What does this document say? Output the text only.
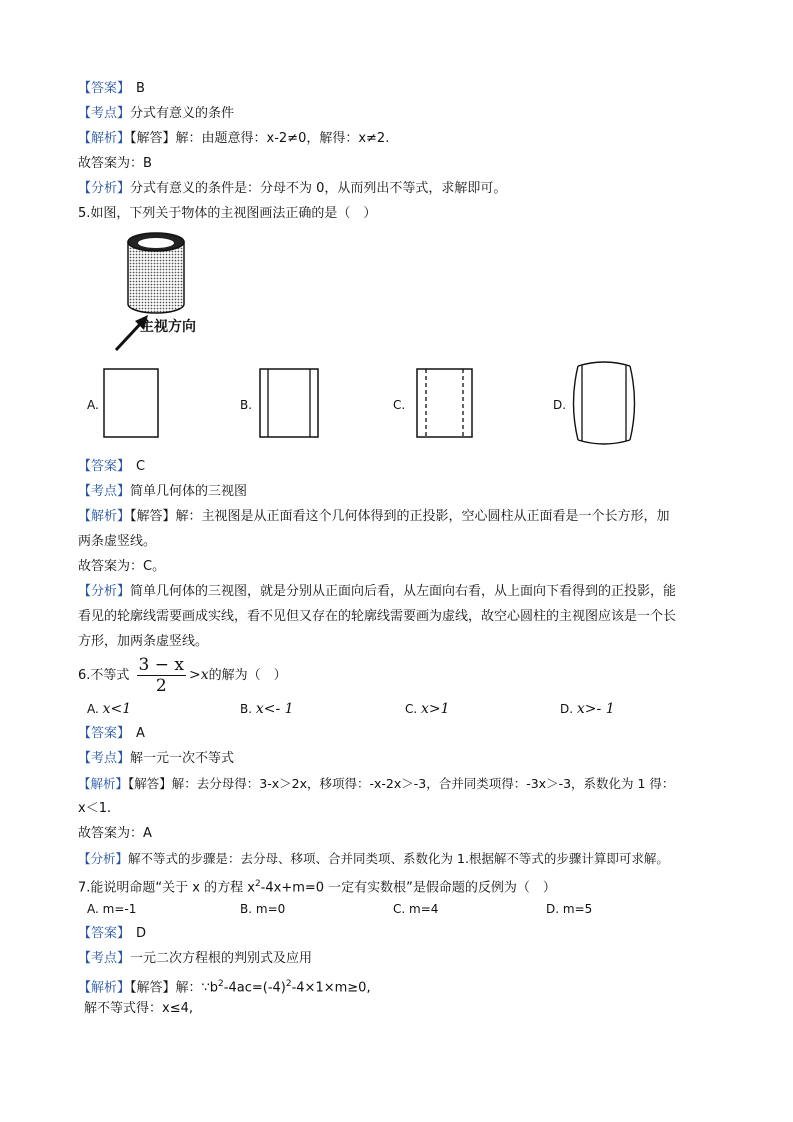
【答案】 B
【考点】分式有意义的条件
【解析】【解答】解：由题意得：x-2≠0，解得：x≠2.
故答案为：B
【分析】分式有意义的条件是：分母不为 0，从而列出不等式，求解即可。
5.如图，下列关于物体的主视图画法正确的是（　）
主视方向
A.	B.	C.	D.
【答案】 C
【考点】简单几何体的三视图
【解析】【解答】解：主视图是从正面看这个几何体得到的正投影，空心圆柱从正面看是一个长方形，加
两条虚竖线。
故答案为：C。
【分析】简单几何体的三视图，就是分别从正面向后看，从左面向右看，从上面向下看得到的正投影，能
看见的轮廓线需要画成实线，看不见但又存在的轮廓线需要画为虚线，故空心圆柱的主视图应该是一个长
方形，加两条虚竖线。
6.不等式 $\frac{3 - x}{2} >x$的解为（　）
A. x<1	B. x<- 1	C. x>1	D. x>- 1
【答案】 A
【考点】解一元一次不等式
【解析】【解答】解：去分母得：3-x＞2x，移项得：-x-2x＞-3，合并同类项得：-3x＞-3，系数化为 1 得：
x＜1.
故答案为：A
【分析】解不等式的步骤是：去分母、移项、合并同类项、系数化为 1.根据解不等式的步骤计算即可求解。
7.能说明命题“关于 x 的方程 $x^2-4x+m=0$ 一定有实数根”是假命题的反例为（　）
A. m=-1	B. m=0	C. m=4	D. m=5
【答案】 D
【考点】一元二次方程根的判别式及应用
【解析】【解答】解：$\because b^2-4ac=(-4)^2-4\times 1\times m\ge 0$,
解不等式得：x≤4,
